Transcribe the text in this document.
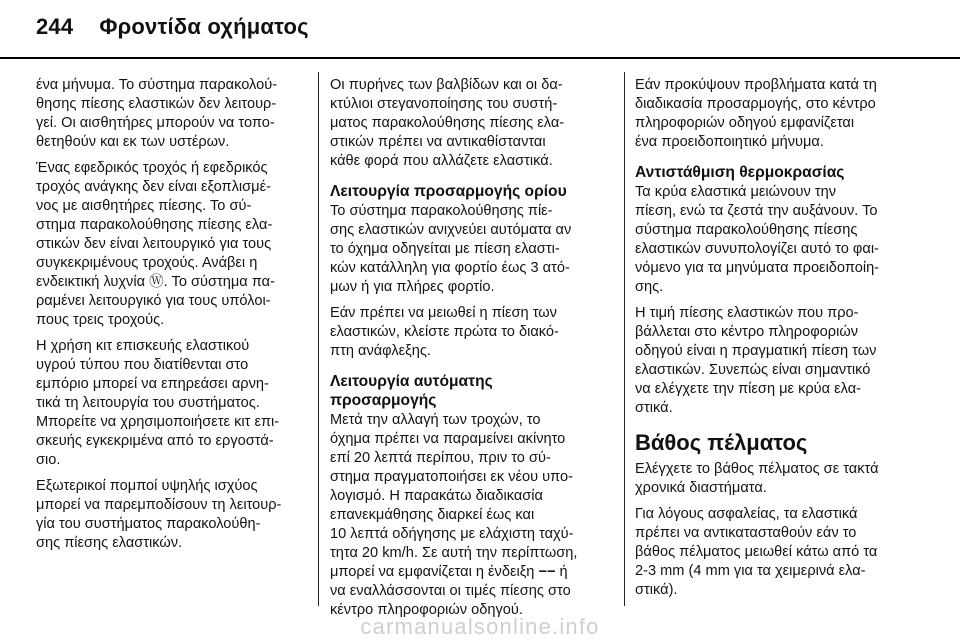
244 Φροντίδα οχήματος

ένα μήνυμα. Το σύστημα παρακολού-
θησης πίεσης ελαστικών δεν λειτουρ-
γεί. Οι αισθητήρες μπορούν να τοπο-
θετηθούν και εκ των υστέρων.

Ένας εφεδρικός τροχός ή εφεδρικός
τροχός ανάγκης δεν είναι εξοπλισμέ-
νος με αισθητήρες πίεσης. Το σύ-
στημα παρακολούθησης πίεσης ελα-
στικών δεν είναι λειτουργικό για τους
συγκεκριμένους τροχούς. Ανάβει η
ενδεικτική λυχνία Ⓦ. Το σύστημα πα-
ραμένει λειτουργικό για τους υπόλοι-
πους τρεις τροχούς.

Η χρήση κιτ επισκευής ελαστικού
υγρού τύπου που διατίθενται στο
εμπόριο μπορεί να επηρεάσει αρνη-
τικά τη λειτουργία του συστήματος.
Μπορείτε να χρησιμοποιήσετε κιτ επι-
σκευής εγκεκριμένα από το εργοστά-
σιο.

Εξωτερικοί πομποί υψηλής ισχύος
μπορεί να παρεμποδίσουν τη λειτουρ-
γία του συστήματος παρακολούθη-
σης πίεσης ελαστικών.

Οι πυρήνες των βαλβίδων και οι δα-
κτύλιοι στεγανοποίησης του συστή-
ματος παρακολούθησης πίεσης ελα-
στικών πρέπει να αντικαθίστανται
κάθε φορά που αλλάζετε ελαστικά.

Λειτουργία προσαρμογής ορίου

Το σύστημα παρακολούθησης πίε-
σης ελαστικών ανιχνεύει αυτόματα αν
το όχημα οδηγείται με πίεση ελαστι-
κών κατάλληλη για φορτίο έως 3 ατό-
μων ή για πλήρες φορτίο.

Εάν πρέπει να μειωθεί η πίεση των
ελαστικών, κλείστε πρώτα το διακό-
πτη ανάφλεξης.

Λειτουργία αυτόματης
προσαρμογής

Μετά την αλλαγή των τροχών, το
όχημα πρέπει να παραμείνει ακίνητο
επί 20 λεπτά περίπου, πριν το σύ-
στημα πραγματοποιήσει εκ νέου υπο-
λογισμό. Η παρακάτω διαδικασία
επανεκμάθησης διαρκεί έως και
10 λεπτά οδήγησης με ελάχιστη ταχύ-
τητα 20 km/h. Σε αυτή την περίπτωση,
μπορεί να εμφανίζεται η ένδειξη −− ή
να εναλλάσσονται οι τιμές πίεσης στο
κέντρο πληροφοριών οδηγού.

Εάν προκύψουν προβλήματα κατά τη
διαδικασία προσαρμογής, στο κέντρο
πληροφοριών οδηγού εμφανίζεται
ένα προειδοποιητικό μήνυμα.

Αντιστάθμιση θερμοκρασίας

Τα κρύα ελαστικά μειώνουν την
πίεση, ενώ τα ζεστά την αυξάνουν. Το
σύστημα παρακολούθησης πίεσης
ελαστικών συνυπολογίζει αυτό το φαι-
νόμενο για τα μηνύματα προειδοποίη-
σης.

Η τιμή πίεσης ελαστικών που προ-
βάλλεται στο κέντρο πληροφοριών
οδηγού είναι η πραγματική πίεση των
ελαστικών. Συνεπώς είναι σημαντικό
να ελέγχετε την πίεση με κρύα ελα-
στικά.

Βάθος πέλματος

Ελέγχετε το βάθος πέλματος σε τακτά
χρονικά διαστήματα.

Για λόγους ασφαλείας, τα ελαστικά
πρέπει να αντικατασταθούν εάν το
βάθος πέλματος μειωθεί κάτω από τα
2-3 mm (4 mm για τα χειμερινά ελα-
στικά).

carmanualsonline.info
